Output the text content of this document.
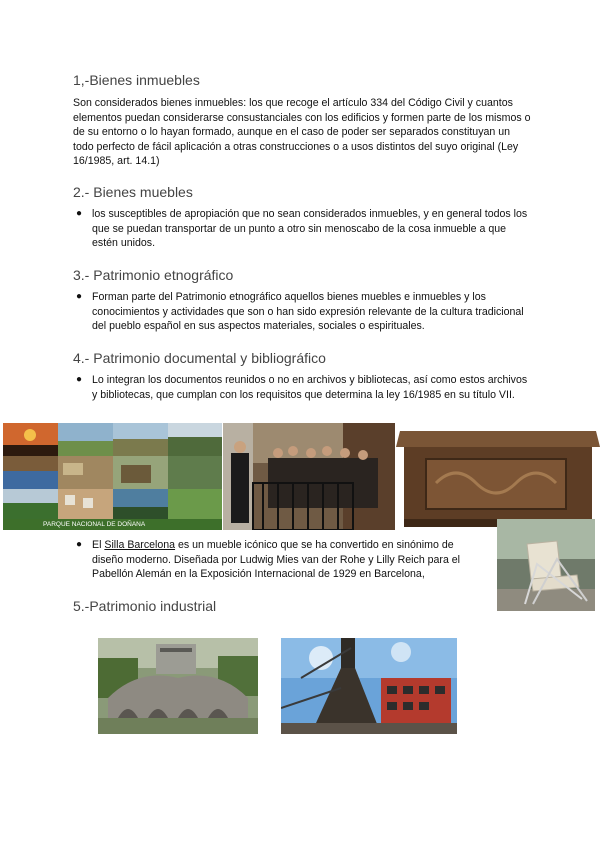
1,-Bienes inmuebles

Son considerados bienes inmuebles: los que recoge el artículo 334 del Código Civil y cuantos elementos puedan considerarse consustanciales con los edificios y formen parte de los mismos o de su entorno o lo hayan formado, aunque en el caso de poder ser separados constituyan un todo perfecto de fácil aplicación a otras construcciones o a usos distintos del suyo original (Ley 16/1985, art. 14.1)

2.- Bienes muebles
● los susceptibles de apropiación que no sean considerados inmuebles, y en general todos los que se puedan transportar de un punto a otro sin menoscabo de la cosa inmueble a que estén unidos.
3.- Patrimonio etnográfico
● Forman parte del Patrimonio etnográfico aquellos bienes muebles e inmuebles y los conocimientos y actividades que son o han sido expresión relevante de la cultura tradicional del pueblo español en sus aspectos materiales, sociales o espirituales.
4.- Patrimonio documental y bibliográfico
● Lo integran los documentos reunidos o no en archivos y bibliotecas, así como estos archivos y bibliotecas, que cumplan con los requisitos que determina la ley 16/1985 en su título VII.
PARQUE NACIONAL DE DOÑANA
● El Silla Barcelona es un mueble icónico que se ha convertido en sinónimo de diseño moderno. Diseñada por Ludwig Mies van der Rohe y Lilly Reich para el Pabellón Alemán en la Exposición Internacional de 1929 en Barcelona,
5.-Patrimonio industrial
